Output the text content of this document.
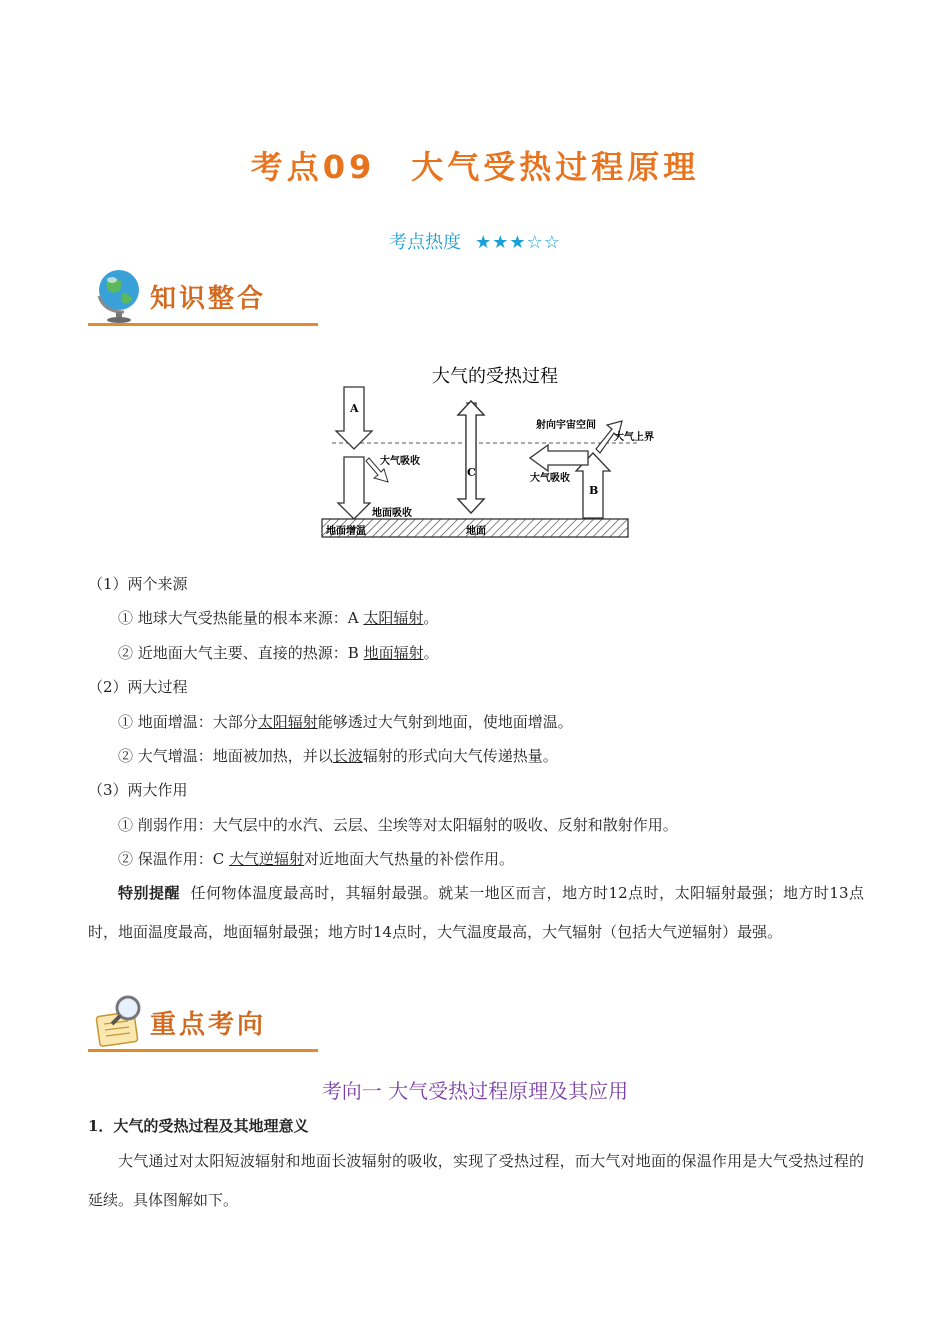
考点09　大气受热过程原理
考点热度 ★★★☆☆
知识整合
大气的受热过程
A
C
B
大气吸收
地面吸收
地面增温	地面
射向宇宙空间
大气上界
大气吸收
（1）两个来源
① 地球大气受热能量的根本来源：A 太阳辐射。
② 近地面大气主要、直接的热源：B 地面辐射。
（2）两大过程
① 地面增温：大部分太阳辐射能够透过大气射到地面，使地面增温。
② 大气增温：地面被加热，并以长波辐射的形式向大气传递热量。
（3）两大作用
① 削弱作用：大气层中的水汽、云层、尘埃等对太阳辐射的吸收、反射和散射作用。
② 保温作用：C 大气逆辐射对近地面大气热量的补偿作用。
特别提醒 任何物体温度最高时，其辐射最强。就某一地区而言，地方时12点时，太阳辐射最强；地方时13点时，地面温度最高，地面辐射最强；地方时14点时，大气温度最高，大气辐射（包括大气逆辐射）最强。
重点考向
考向一 大气受热过程原理及其应用
1．大气的受热过程及其地理意义
大气通过对太阳短波辐射和地面长波辐射的吸收，实现了受热过程，而大气对地面的保温作用是大气受热过程的延续。具体图解如下。
